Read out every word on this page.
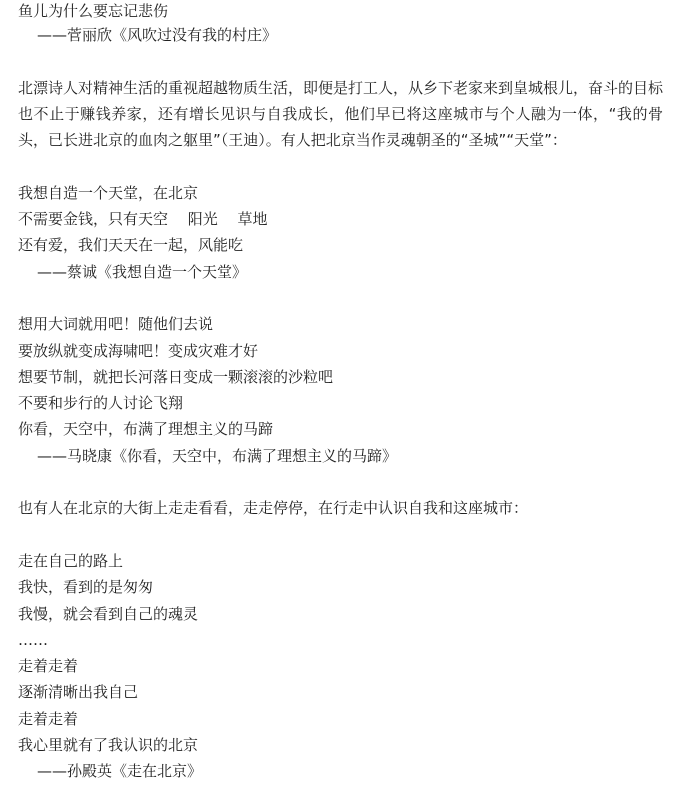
鱼儿为什么要忘记悲伤
——菅丽欣《风吹过没有我的村庄》

北漂诗人对精神生活的重视超越物质生活，即便是打工人，从乡下老家来到皇城根儿，奋斗的目标也不止于赚钱养家，还有增长见识与自我成长，他们早已将这座城市与个人融为一体，“我的骨头，已长进北京的血肉之躯里”（王迪）。有人把北京当作灵魂朝圣的“圣城”“天堂”：

我想自造一个天堂，在北京
不需要金钱，只有天空　 阳光　 草地
还有爱，我们天天在一起，风能吃
——蔡诚《我想自造一个天堂》
想用大词就用吧！随他们去说
要放纵就变成海啸吧！变成灾难才好
想要节制，就把长河落日变成一颗滚滚的沙粒吧
不要和步行的人讨论飞翔
你看，天空中，布满了理想主义的马蹄
——马晓康《你看，天空中，布满了理想主义的马蹄》
也有人在北京的大街上走走看看，走走停停，在行走中认识自我和这座城市：
走在自己的路上
我快，看到的是匆匆
我慢，就会看到自己的魂灵
……
走着走着
逐渐清晰出我自己
走着走着
我心里就有了我认识的北京
——孙殿英《走在北京》
